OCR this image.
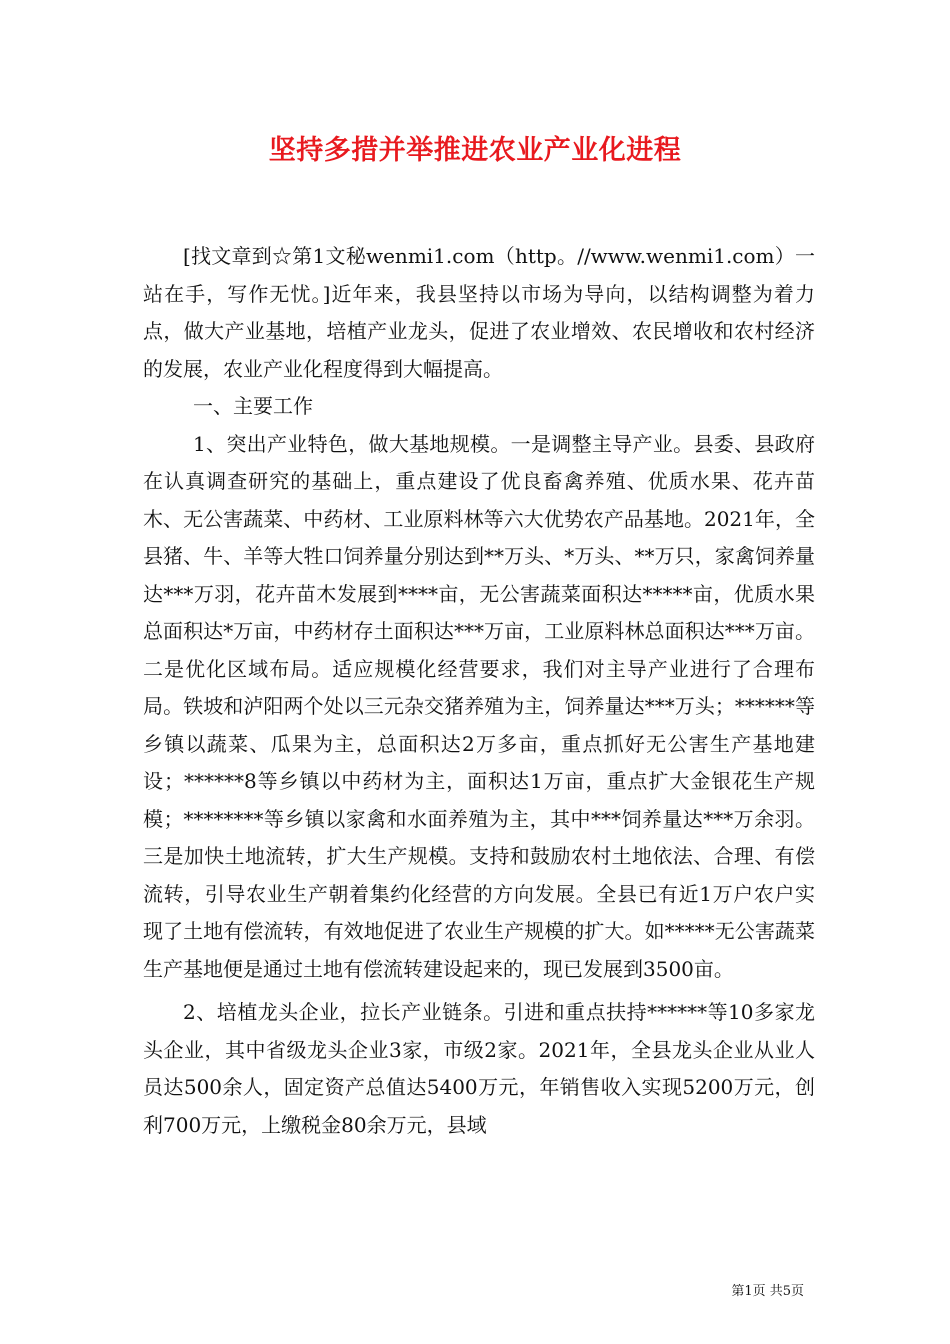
坚持多措并举推进农业产业化进程

[找文章到☆第1文秘wenmi1.com（http。//www.wenmi1.com）一站在手，写作无忧。]近年来，我县坚持以市场为导向，以结构调整为着力点，做大产业基地，培植产业龙头，促进了农业增效、农民增收和农村经济的发展，农业产业化程度得到大幅提高。

一、主要工作

1、突出产业特色，做大基地规模。一是调整主导产业。县委、县政府在认真调查研究的基础上，重点建设了优良畜禽养殖、优质水果、花卉苗木、无公害蔬菜、中药材、工业原料林等六大优势农产品基地。2021年，全县猪、牛、羊等大牲口饲养量分别达到**万头、*万头、**万只，家禽饲养量达***万羽，花卉苗木发展到****亩，无公害蔬菜面积达*****亩，优质水果总面积达*万亩，中药材存土面积达***万亩，工业原料林总面积达***万亩。二是优化区域布局。适应规模化经营要求，我们对主导产业进行了合理布局。铁坡和泸阳两个处以三元杂交猪养殖为主，饲养量达***万头；******等乡镇以蔬菜、瓜果为主，总面积达2万多亩，重点抓好无公害生产基地建设；******8等乡镇以中药材为主，面积达1万亩，重点扩大金银花生产规模；********等乡镇以家禽和水面养殖为主，其中***饲养量达***万余羽。三是加快土地流转，扩大生产规模。支持和鼓励农村土地依法、合理、有偿流转，引导农业生产朝着集约化经营的方向发展。全县已有近1万户农户实现了土地有偿流转，有效地促进了农业生产规模的扩大。如*****无公害蔬菜生产基地便是通过土地有偿流转建设起来的，现已发展到3500亩。

2、培植龙头企业，拉长产业链条。引进和重点扶持******等10多家龙头企业，其中省级龙头企业3家，市级2家。2021年，全县龙头企业从业人员达500余人，固定资产总值达5400万元，年销售收入实现5200万元，创利700万元，上缴税金80余万元，县域

第1页 共5页
